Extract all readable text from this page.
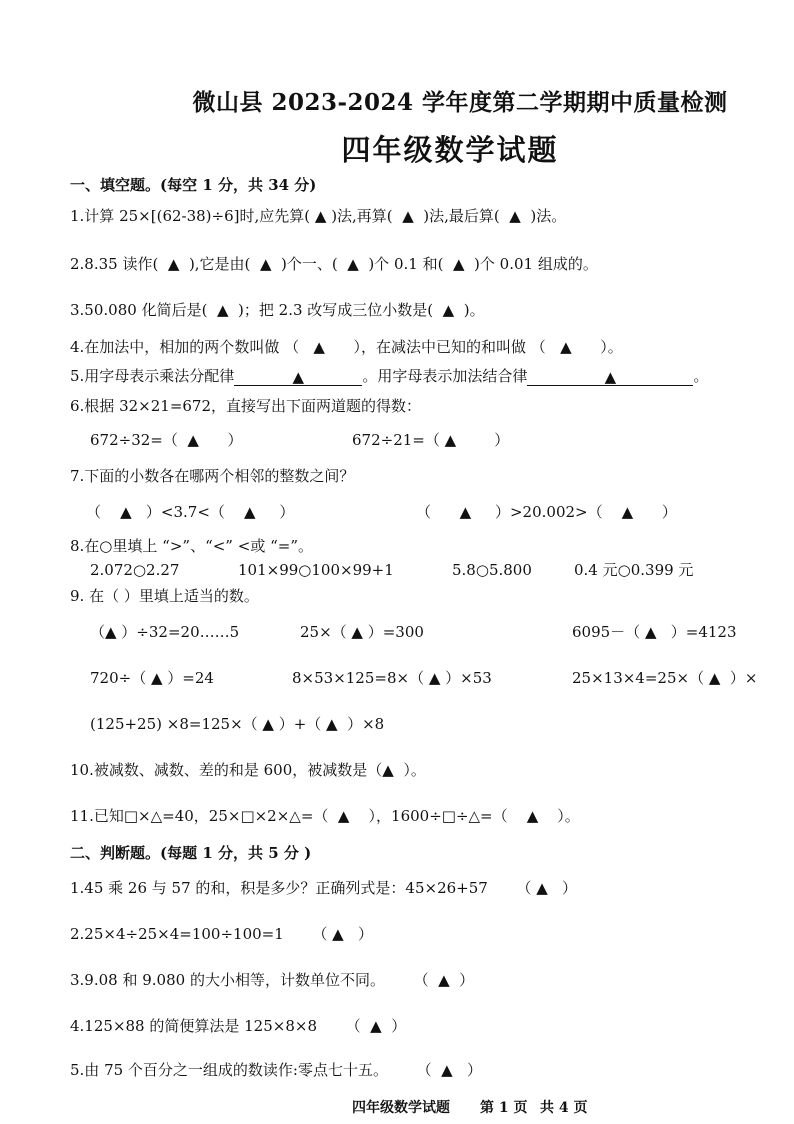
微山县 2023-2024 学年度第二学期期中质量检测
四年级数学试题
一、填空题。(每空 1 分，共 34 分)
1.计算 25×[(62-38)÷6]时,应先算( ▲ )法,再算(  ▲  )法,最后算(  ▲  )法。
2.8.35 读作(  ▲  ),它是由(  ▲  )个一、(  ▲  )个 0.1 和(  ▲  )个 0.01 组成的。
3.50.080 化简后是(  ▲  )；把 2.3 改写成三位小数是(  ▲  )。
4.在加法中，相加的两个数叫做 （   ▲      ），在减法中已知的和叫做 （   ▲      ）。
5.用字母表示乘法分配律	▲	。用字母表示加法结合律	▲	。
6.根据 32×21=672，直接写出下面两道题的得数：
672÷32=（  ▲      ）	672÷21=（ ▲        ）
7.下面的小数各在哪两个相邻的整数之间？
（    ▲   ）<3.7<（    ▲     ）	（      ▲     ）>20.002>（    ▲      ）
8.在○里填上 “>”、“<” <或 “=”。
2.072○2.27	101×99○100×99+1	5.8○5.800	0.4 元○0.399 元
9. 在（ ）里填上适当的数。
（▲ ）÷32=20……5	25×（ ▲ ）=300	6095－（ ▲   ）=4123
720÷（ ▲ ）=24	8×53×125=8×（ ▲ ）×53	25×13×4=25×（ ▲  ）×
(125+25) ×8=125×（ ▲ ）+（ ▲  ）×8
10.被减数、减数、差的和是 600，被减数是（▲  ）。
11.已知□×△=40，25×□×2×△=（  ▲    ），1600÷□÷△=（    ▲    ）。
二、判断题。(每题 1 分，共 5 分 )
1.45 乘 26 与 57 的和，积是多少？正确列式是：45×26+57      （ ▲   ）
2.25×4÷25×4=100÷100=1      （ ▲   ）
3.9.08 和 9.080 的大小相等，计数单位不同。      （  ▲  ）
4.125×88 的简便算法是 125×8×8      （  ▲  ）
5.由 75 个百分之一组成的数读作:零点七十五。      （  ▲   ）
四年级数学试题 第 1 页 共 4 页
